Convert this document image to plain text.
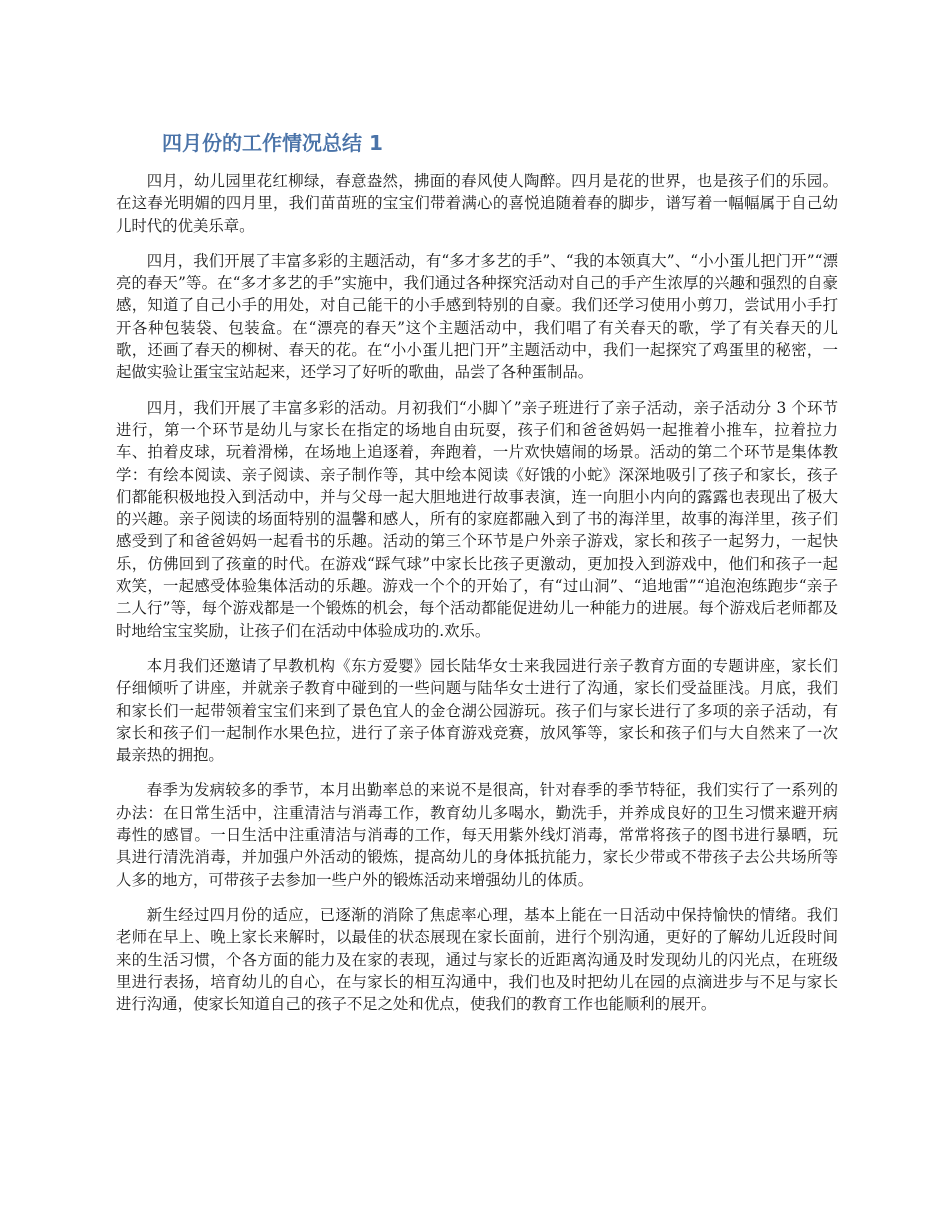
四月份的工作情况总结 1

四月，幼儿园里花红柳绿，春意盎然，拂面的春风使人陶醉。四月是花的世界，也是孩子们的乐园。在这春光明媚的四月里，我们苗苗班的宝宝们带着满心的喜悦追随着春的脚步，谱写着一幅幅属于自己幼儿时代的优美乐章。

四月，我们开展了丰富多彩的主题活动，有“多才多艺的手”、“我的本领真大”、“小小蛋儿把门开”“漂亮的春天”等。在“多才多艺的手”实施中，我们通过各种探究活动对自己的手产生浓厚的兴趣和强烈的自豪感，知道了自己小手的用处，对自己能干的小手感到特别的自豪。我们还学习使用小剪刀，尝试用小手打开各种包装袋、包装盒。在“漂亮的春天”这个主题活动中，我们唱了有关春天的歌，学了有关春天的儿歌，还画了春天的柳树、春天的花。在“小小蛋儿把门开”主题活动中，我们一起探究了鸡蛋里的秘密，一起做实验让蛋宝宝站起来，还学习了好听的歌曲，品尝了各种蛋制品。

四月，我们开展了丰富多彩的活动。月初我们“小脚丫”亲子班进行了亲子活动，亲子活动分 3 个环节进行，第一个环节是幼儿与家长在指定的场地自由玩耍，孩子们和爸爸妈妈一起推着小推车，拉着拉力车、拍着皮球，玩着滑梯，在场地上追逐着，奔跑着，一片欢快嬉闹的场景。活动的第二个环节是集体教学：有绘本阅读、亲子阅读、亲子制作等，其中绘本阅读《好饿的小蛇》深深地吸引了孩子和家长，孩子们都能积极地投入到活动中，并与父母一起大胆地进行故事表演，连一向胆小内向的露露也表现出了极大的兴趣。亲子阅读的场面特别的温馨和感人，所有的家庭都融入到了书的海洋里，故事的海洋里，孩子们感受到了和爸爸妈妈一起看书的乐趣。活动的第三个环节是户外亲子游戏，家长和孩子一起努力，一起快乐，仿佛回到了孩童的时代。在游戏“踩气球”中家长比孩子更激动，更加投入到游戏中，他们和孩子一起欢笑，一起感受体验集体活动的乐趣。游戏一个个的开始了，有“过山洞”、“追地雷”“追泡泡练跑步“亲子二人行”等，每个游戏都是一个锻炼的机会，每个活动都能促进幼儿一种能力的进展。每个游戏后老师都及时地给宝宝奖励，让孩子们在活动中体验成功的.欢乐。

本月我们还邀请了早教机构《东方爱婴》园长陆华女士来我园进行亲子教育方面的专题讲座，家长们仔细倾听了讲座，并就亲子教育中碰到的一些问题与陆华女士进行了沟通，家长们受益匪浅。月底，我们和家长们一起带领着宝宝们来到了景色宜人的金仓湖公园游玩。孩子们与家长进行了多项的亲子活动，有家长和孩子们一起制作水果色拉，进行了亲子体育游戏竞赛，放风筝等，家长和孩子们与大自然来了一次最亲热的拥抱。

春季为发病较多的季节，本月出勤率总的来说不是很高，针对春季的季节特征，我们实行了一系列的办法：在日常生活中，注重清洁与消毒工作，教育幼儿多喝水，勤洗手，并养成良好的卫生习惯来避开病毒性的感冒。一日生活中注重清洁与消毒的工作，每天用紫外线灯消毒，常常将孩子的图书进行暴晒，玩具进行清洗消毒，并加强户外活动的锻炼，提高幼儿的身体抵抗能力，家长少带或不带孩子去公共场所等人多的地方，可带孩子去参加一些户外的锻炼活动来增强幼儿的体质。

新生经过四月份的适应，已逐渐的消除了焦虑率心理，基本上能在一日活动中保持愉快的情绪。我们老师在早上、晚上家长来解时，以最佳的状态展现在家长面前，进行个别沟通，更好的了解幼儿近段时间来的生活习惯，个各方面的能力及在家的表现，通过与家长的近距离沟通及时发现幼儿的闪光点，在班级里进行表扬，培育幼儿的自心，在与家长的相互沟通中，我们也及时把幼儿在园的点滴进步与不足与家长进行沟通，使家长知道自己的孩子不足之处和优点，使我们的教育工作也能顺利的展开。
